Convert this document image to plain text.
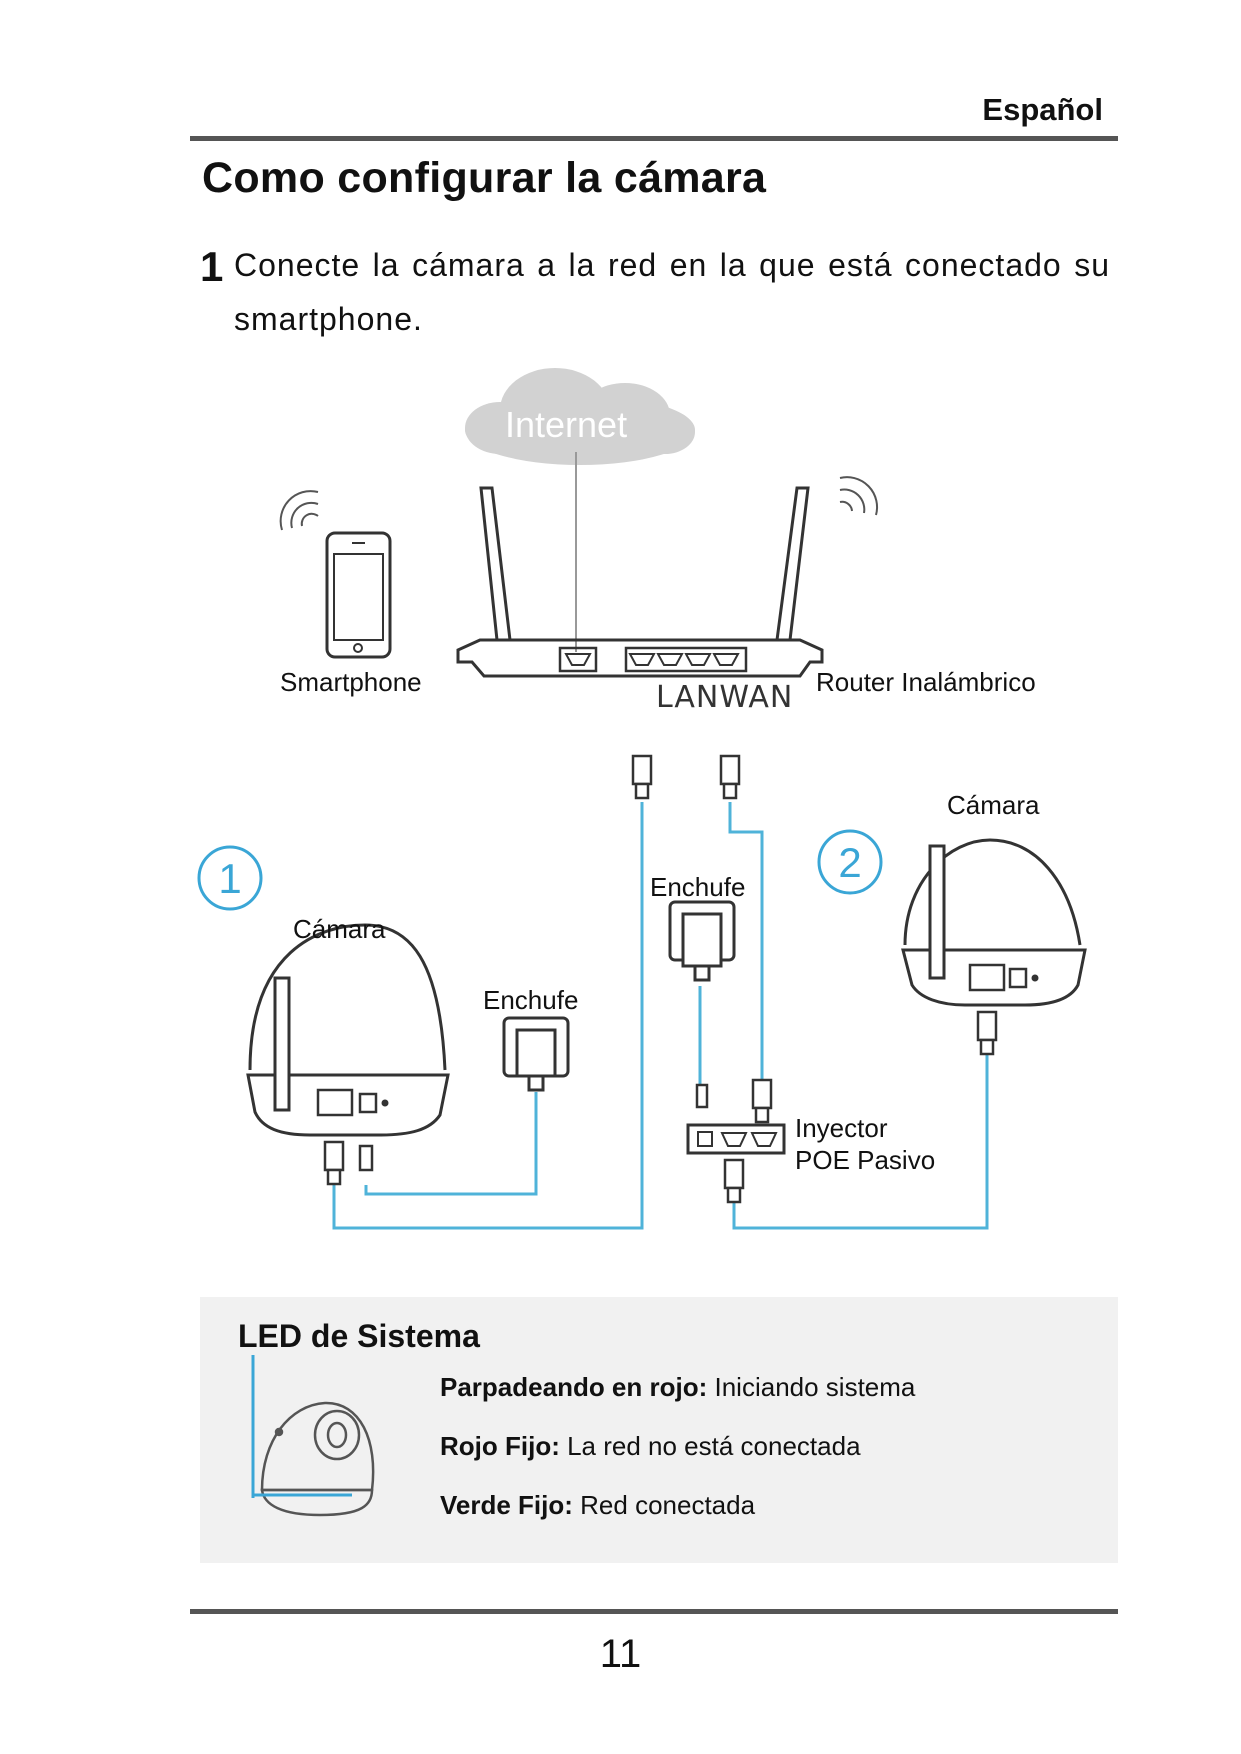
Español
Como configurar la cámara
1 Conecte la cámara a la red en la que está conectado su smartphone.
1	2
Internet
Smartphone	Router Inalámbrico
LANWAN
Cámara
Enchufe
Cámara
Enchufe
Inyector
POE Pasivo
LED de Sistema
Parpadeando en rojo: Iniciando sistema
Rojo Fijo: La red no está conectada
Verde Fijo: Red conectada
11
